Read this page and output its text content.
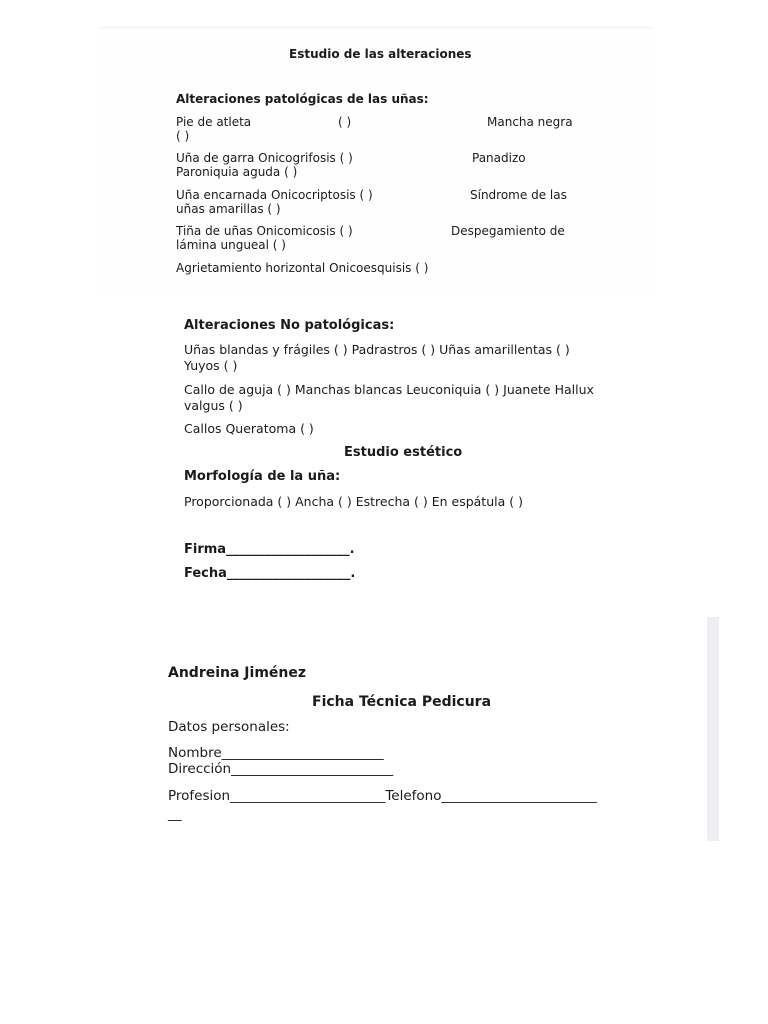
Estudio de las alteraciones
Alteraciones patológicas de las uñas:
Pie de atleta	( )	Mancha negra
( )
Uña de garra Onicogrifosis ( )	Panadizo
Paroniquia aguda ( )
Uña encarnada Onicocriptosis ( )	Síndrome de las
uñas amarillas ( )
Tiña de uñas Onicomicosis ( )	Despegamiento de
lámina ungueal ( )
Agrietamiento horizontal Onicoesquisis ( )
Alteraciones No patológicas:
Uñas blandas y frágiles ( ) Padrastros ( ) Uñas amarillentas ( )
Yuyos ( )
Callo de aguja ( ) Manchas blancas Leuconiquia ( ) Juanete Hallux
valgus ( )
Callos Queratoma ( )
Estudio estético
Morfología de la uña:
Proporcionada ( ) Ancha ( ) Estrecha ( ) En espátula ( )
Firma___________________.
Fecha___________________.
Andreina Jiménez
Ficha Técnica Pedicura
Datos personales:
Nombre________________________
Dirección________________________
Profesion_______________________Telefono_______________________
__
